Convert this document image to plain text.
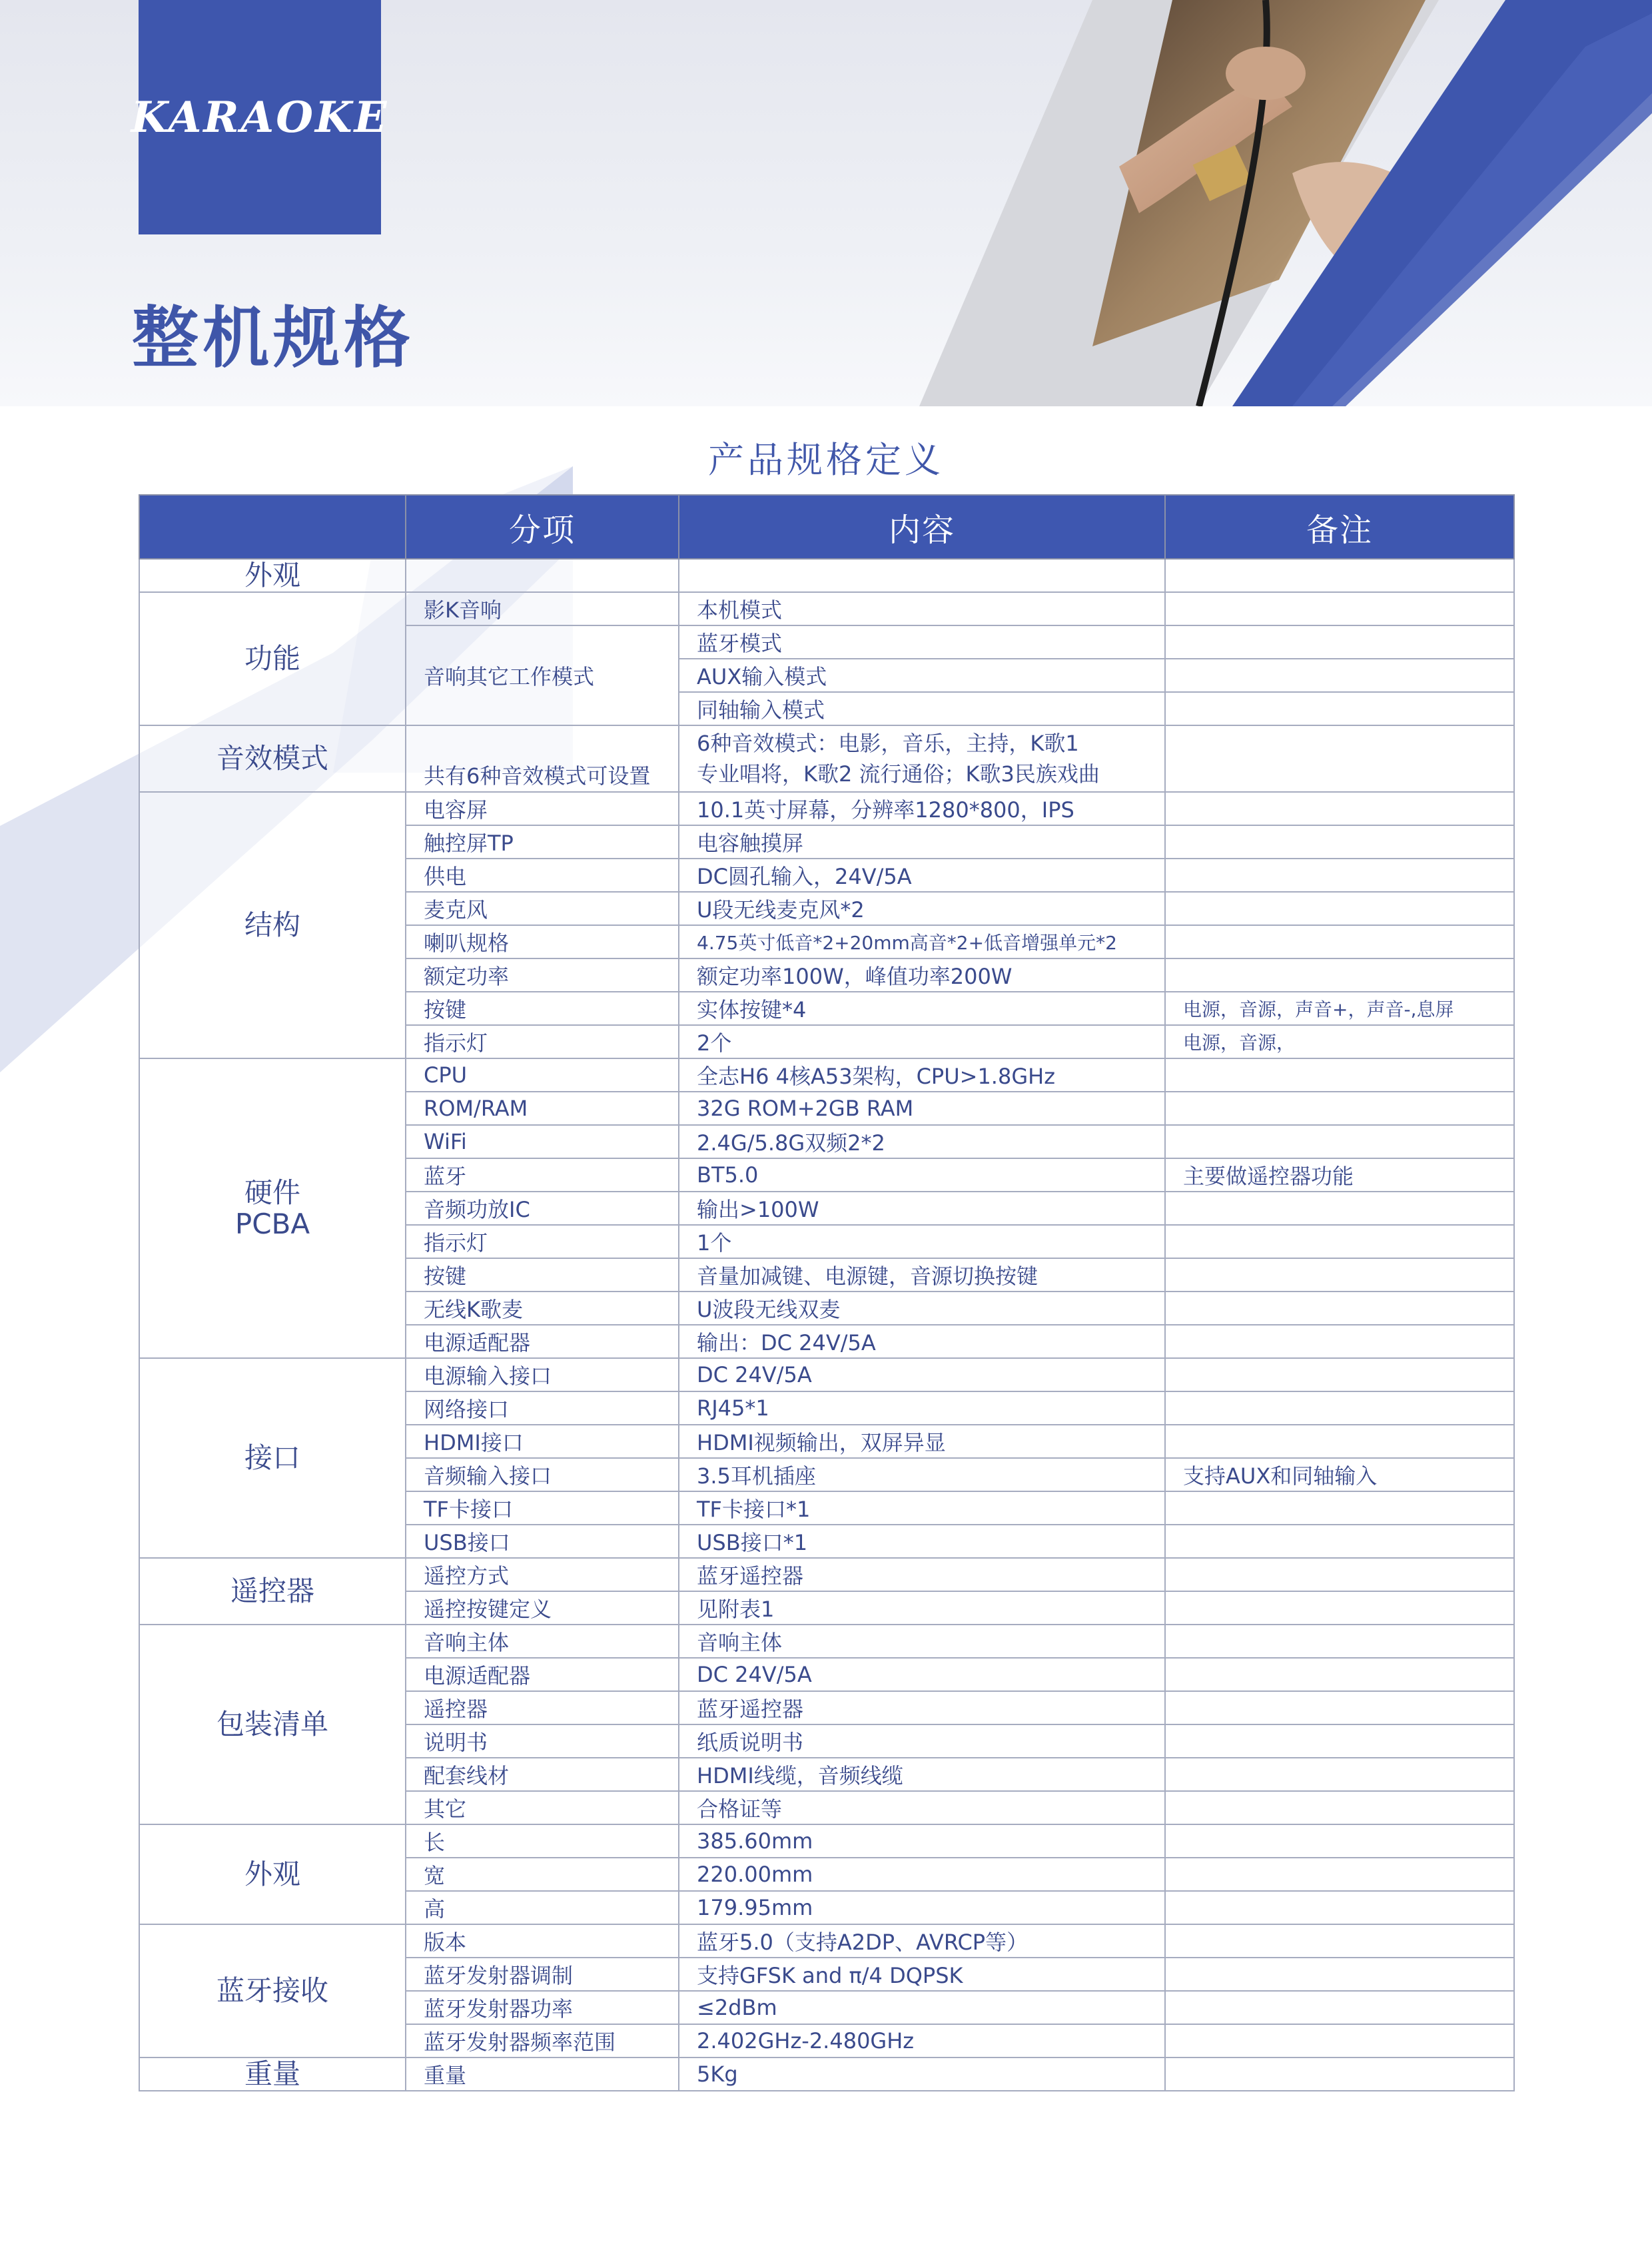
KARAOKE
整机规格
产品规格定义
	分项	内容	备注
外观			
功能	影K音响	本机模式	
	音响其它工作模式	蓝牙模式	
		AUX输入模式	
		同轴输入模式	
音效模式	共有6种音效模式可设置	6种音效模式：电影，音乐，主持，K歌1
专业唱将，K歌2 流行通俗；K歌3民族戏曲	

结构	电容屏	10.1英寸屏幕，分辨率1280*800，IPS	
	触控屏TP	电容触摸屏	
	供电	DC圆孔输入，24V/5A	
	麦克风	U段无线麦克风*2	
	喇叭规格	4.75英寸低音*2+20mm高音*2+低音增强单元*2	
	额定功率	额定功率100W，峰值功率200W	
	按键	实体按键*4	电源，音源，声音+，声音-,息屏
	指示灯	2个	电源，音源，

硬件
PCBA	CPU	全志H6 4核A53架构，CPU>1.8GHz	
	ROM/RAM	32G ROM+2GB RAM	
	WiFi	2.4G/5.8G双频2*2	
	蓝牙	BT5.0	主要做遥控器功能
	音频功放IC	输出>100W	
	指示灯	1个	
	按键	音量加减键、电源键，音源切换按键	
	无线K歌麦	U波段无线双麦	
	电源适配器	输出：DC 24V/5A	
接口	电源输入接口	DC 24V/5A	
	网络接口	RJ45*1	
	HDMI接口	HDMI视频输出，双屏异显	
	音频输入接口	3.5耳机插座	支持AUX和同轴输入
	TF卡接口	TF卡接口*1	
	USB接口	USB接口*1	
遥控器	遥控方式	蓝牙遥控器	
	遥控按键定义	见附表1	
包装清单	音响主体	音响主体	
	电源适配器	DC 24V/5A	
	遥控器	蓝牙遥控器	
	说明书	纸质说明书	
	配套线材	HDMI线缆，音频线缆	
	其它	合格证等	
外观	长	385.60mm	
	宽	220.00mm	
	高	179.95mm	
蓝牙接收	版本	蓝牙5.0（支持A2DP、AVRCP等）	
	蓝牙发射器调制	支持GFSK and π/4 DQPSK	
	蓝牙发射器功率	≤2dBm	
	蓝牙发射器频率范围	2.402GHz-2.480GHz	
重量	重量	5Kg	
